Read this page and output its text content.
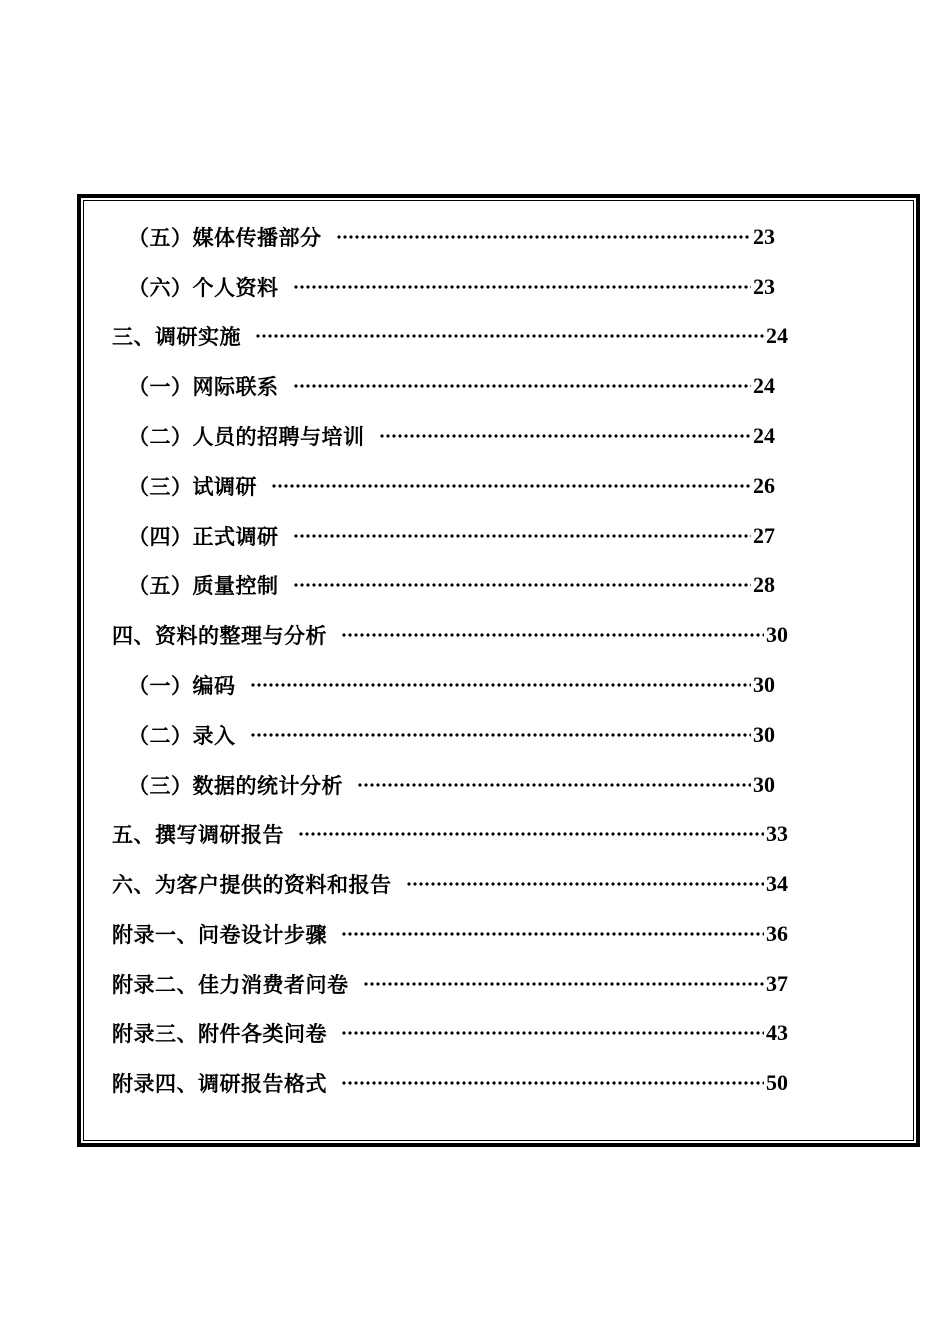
（五）媒体传播部分	23
（六）个人资料	23
三、调研实施	24
（一）网际联系	24
（二）人员的招聘与培训	24
（三）试调研	26
（四）正式调研	27
（五）质量控制	28
四、资料的整理与分析	30
（一）编码	30
（二）录入	30
（三）数据的统计分析	30
五、撰写调研报告	33
六、为客户提供的资料和报告	34
附录一、问卷设计步骤	36
附录二、佳力消费者问卷	37
附录三、附件各类问卷	43
附录四、调研报告格式	50
